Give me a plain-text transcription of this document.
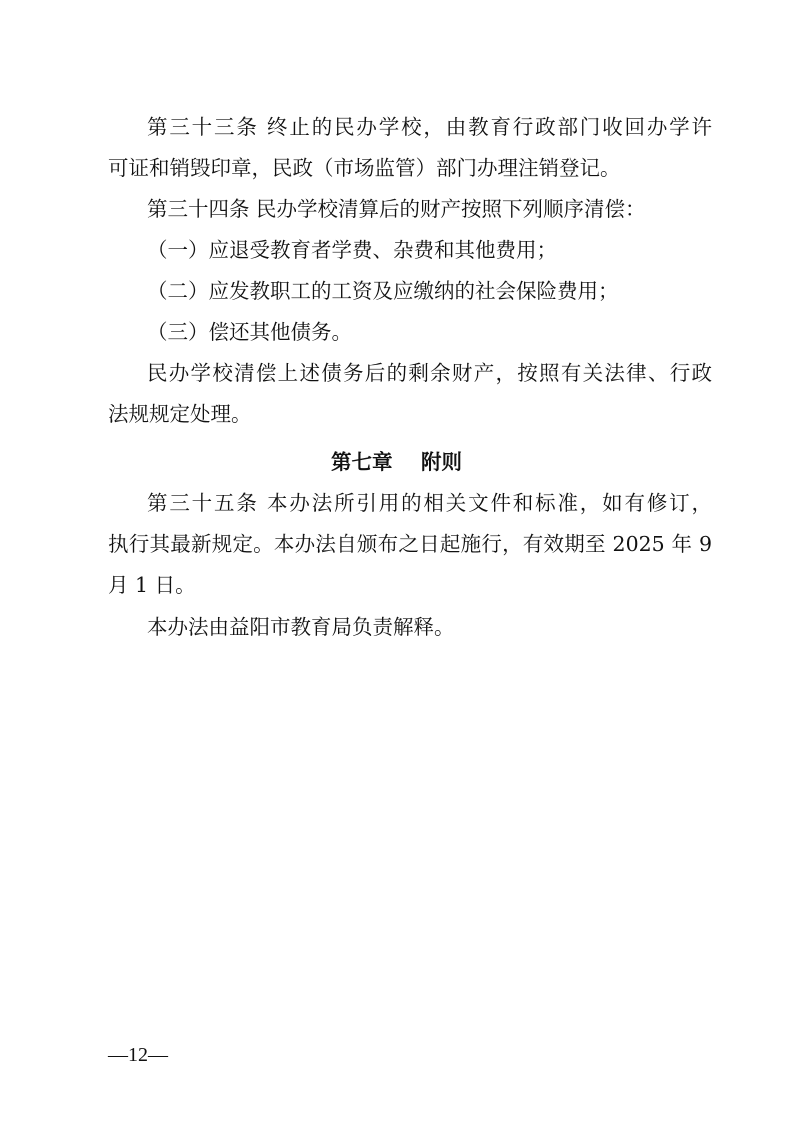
第三十三条 终止的民办学校，由教育行政部门收回办学许
可证和销毁印章，民政（市场监管）部门办理注销登记。
第三十四条 民办学校清算后的财产按照下列顺序清偿：
（一）应退受教育者学费、杂费和其他费用；
（二）应发教职工的工资及应缴纳的社会保险费用；
（三）偿还其他债务。
民办学校清偿上述债务后的剩余财产，按照有关法律、行政
法规规定处理。
第七章    附则
第三十五条 本办法所引用的相关文件和标准，如有修订，
执行其最新规定。本办法自颁布之日起施行，有效期至 2025 年 9
月 1 日。
本办法由益阳市教育局负责解释。
—12—
